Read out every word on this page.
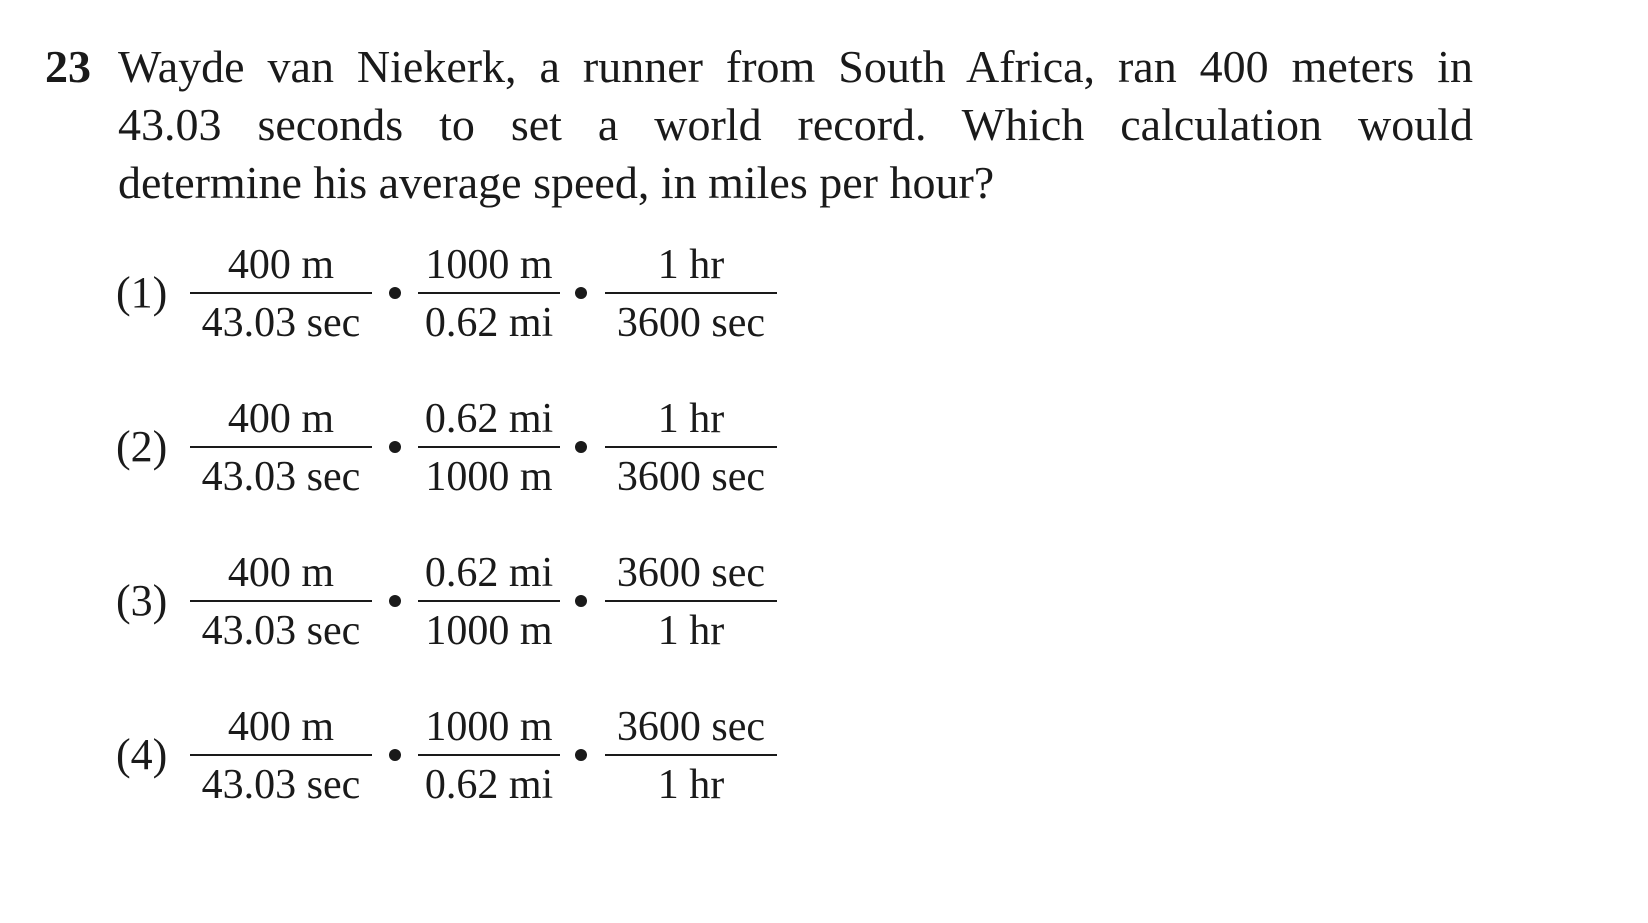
23 Wayde van Niekerk, a runner from South Africa, ran 400 meters in
43.03 seconds to set a world record. Which calculation would
determine his average speed, in miles per hour?
(1)
400 m
43.03 sec
1000 m
0.62 mi
1 hr
3600 sec
(2)
400 m
43.03 sec
0.62 mi
1000 m
1 hr
3600 sec
(3)
400 m
43.03 sec
0.62 mi
1000 m
3600 sec
1 hr
(4)
400 m
43.03 sec
1000 m
0.62 mi
3600 sec
1 hr
